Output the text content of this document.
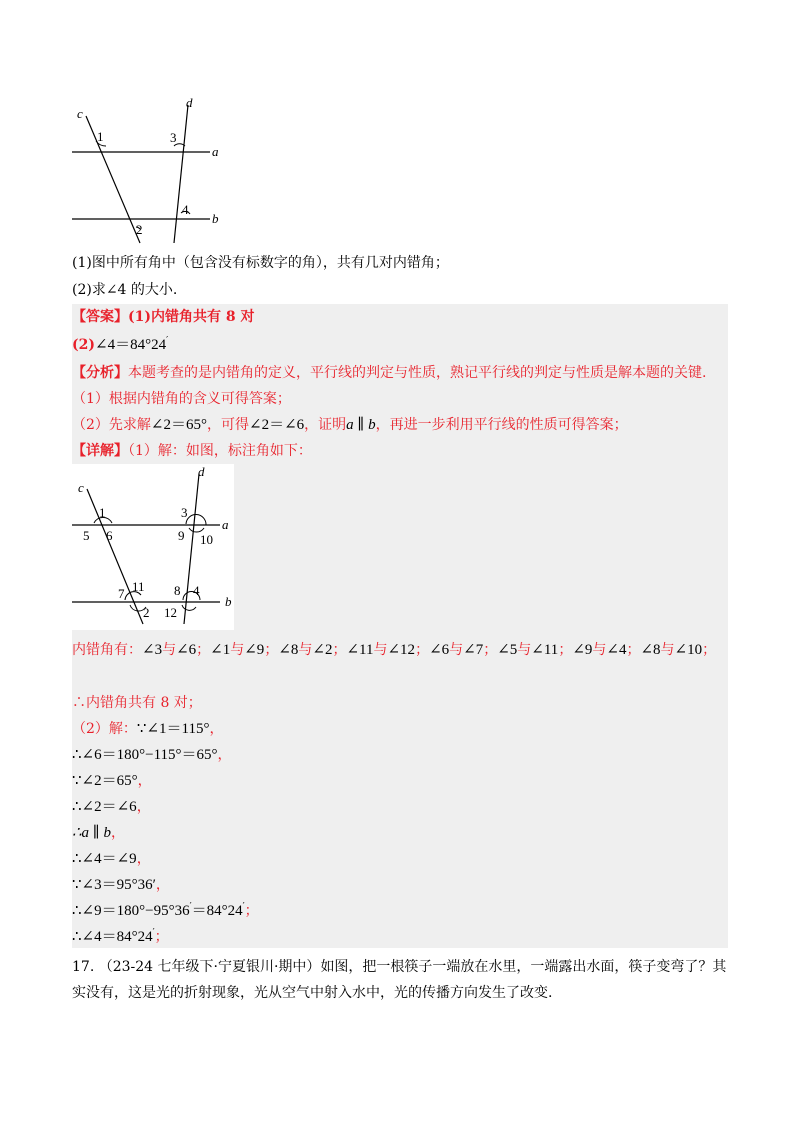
c
d
a
b
1
2
3
4
(1)图中所有角中（包含没有标数字的角），共有几对内错角；
(2)求∠4 的大小.
【答案】(1)内错角共有 8 对
(2)∠4＝84°24′
【分析】本题考查的是内错角的定义，平行线的判定与性质，熟记平行线的判定与性质是解本题的关键.
（1）根据内错角的含义可得答案；
（2）先求解∠2＝65°，可得∠2＝∠6，证明a ∥ b，再进一步利用平行线的性质可得答案；
【详解】（1）解：如图，标注角如下：
c
d
a
b
1
2
3
4
5 6
7	8
9 10
11
12
内错角有：∠3与∠6；∠1与∠9；∠8与∠2；∠11与∠12；∠6与∠7；∠5与∠11；∠9与∠4；∠8与∠10；
∴内错角共有 8 对；
（2）解：∵∠1＝115°，
∴∠6＝180°−115°＝65°，
∵∠2＝65°，
∴∠2＝∠6，
∴a ∥ b，
∴∠4＝∠9，
∵∠3＝95°36′，
∴∠9＝180°−95°36′＝84°24′；
∴∠4＝84°24′；
17. （23-24 七年级下·宁夏银川·期中）如图，把一根筷子一端放在水里，一端露出水面，筷子变弯了？其实没有，这是光的折射现象，光从空气中射入水中，光的传播方向发生了改变.
